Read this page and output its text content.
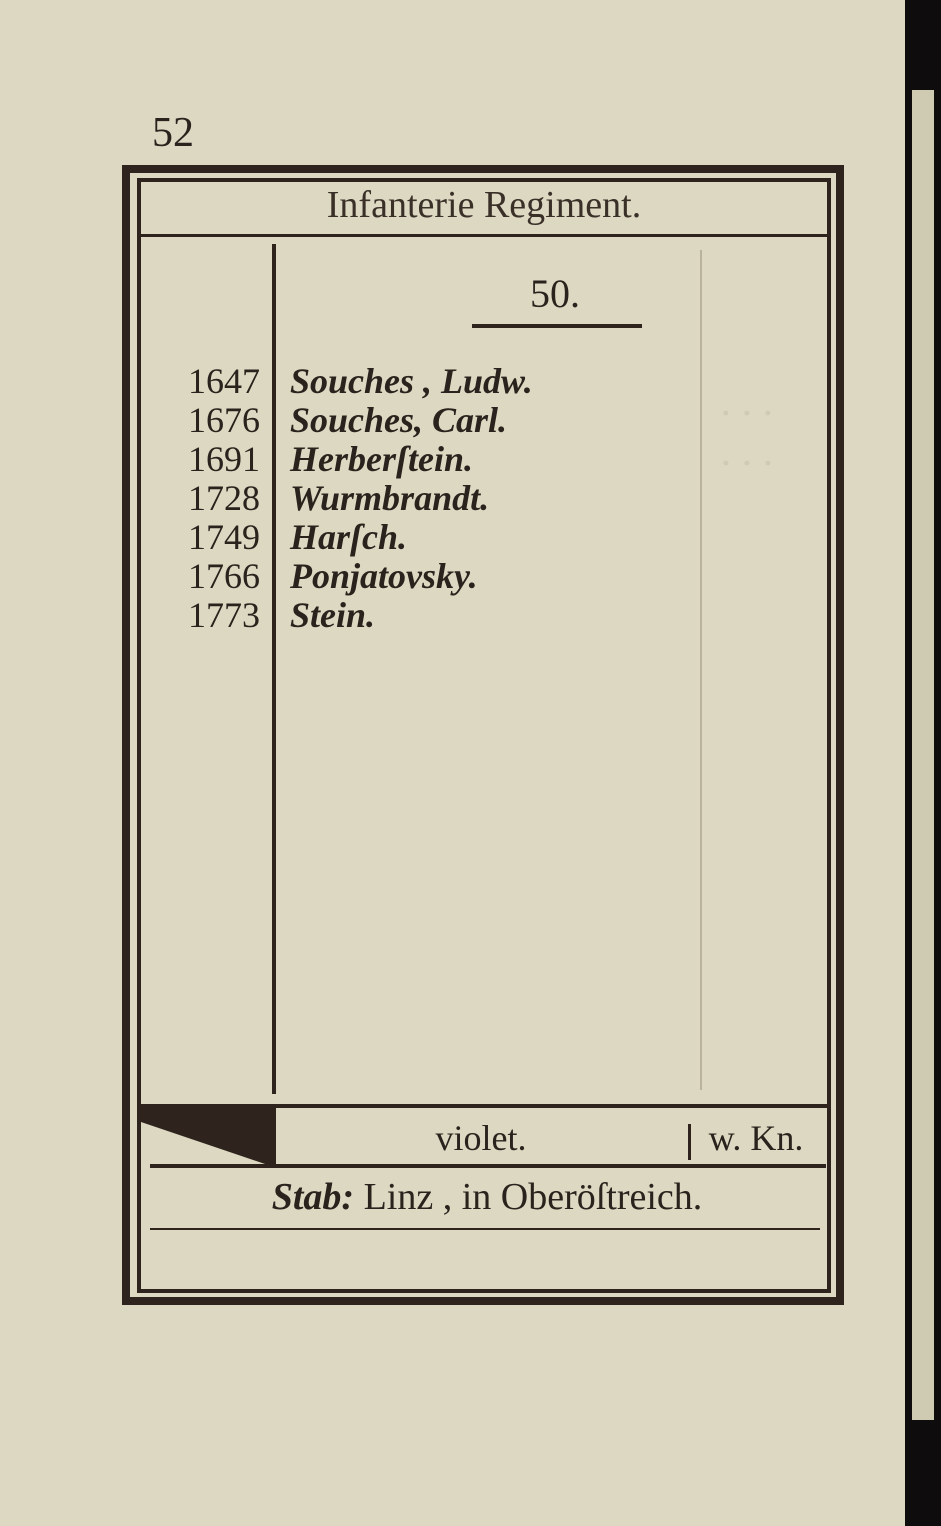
· · ·
· · ·
52
Infanterie Regiment.
50.
1647
1676
1691
1728
1749
1766
1773
Souches , Ludw.
Souches, Carl.
Herberſtein.
Wurmbrandt.
Harſch.
Ponjatovsky.
Stein.
violet.	w. Kn.
Stab: Linz , in Oberöſtreich.
